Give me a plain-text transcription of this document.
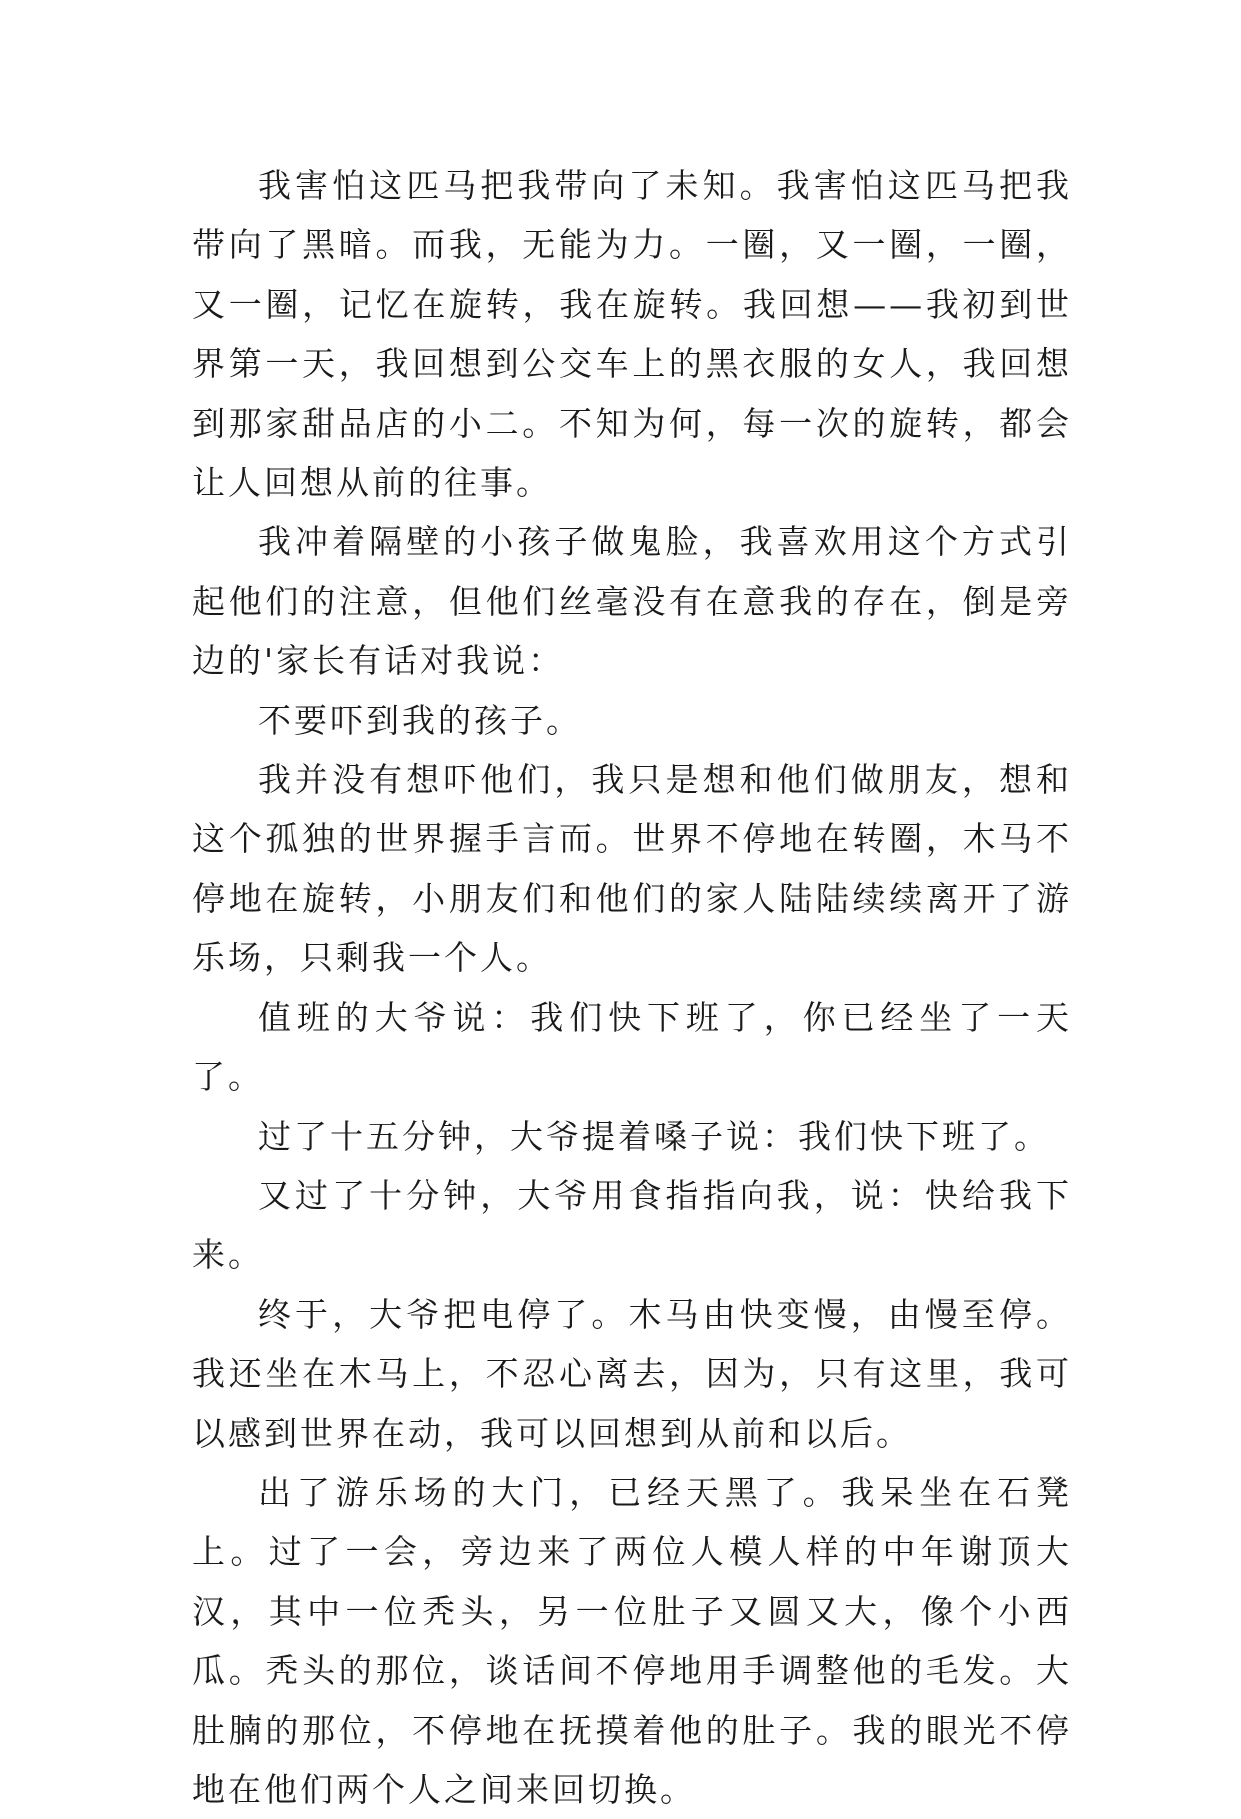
我害怕这匹马把我带向了未知。我害怕这匹马把我带向了黑暗。而我，无能为力。一圈，又一圈，一圈，又一圈，记忆在旋转，我在旋转。我回想——我初到世界第一天，我回想到公交车上的黑衣服的女人，我回想到那家甜品店的小二。不知为何，每一次的旋转，都会让人回想从前的往事。

我冲着隔壁的小孩子做鬼脸，我喜欢用这个方式引起他们的注意，但他们丝毫没有在意我的存在，倒是旁边的'家长有话对我说：

不要吓到我的孩子。

我并没有想吓他们，我只是想和他们做朋友，想和这个孤独的世界握手言而。世界不停地在转圈，木马不停地在旋转，小朋友们和他们的家人陆陆续续离开了游乐场，只剩我一个人。

值班的大爷说：我们快下班了，你已经坐了一天了。

过了十五分钟，大爷提着嗓子说：我们快下班了。

又过了十分钟，大爷用食指指向我，说：快给我下来。

终于，大爷把电停了。木马由快变慢，由慢至停。我还坐在木马上，不忍心离去，因为，只有这里，我可以感到世界在动，我可以回想到从前和以后。

出了游乐场的大门，已经天黑了。我呆坐在石凳上。过了一会，旁边来了两位人模人样的中年谢顶大汉，其中一位秃头，另一位肚子又圆又大，像个小西瓜。秃头的那位，谈话间不停地用手调整他的毛发。大肚腩的那位，不停地在抚摸着他的肚子。我的眼光不停地在他们两个人之间来回切换。
